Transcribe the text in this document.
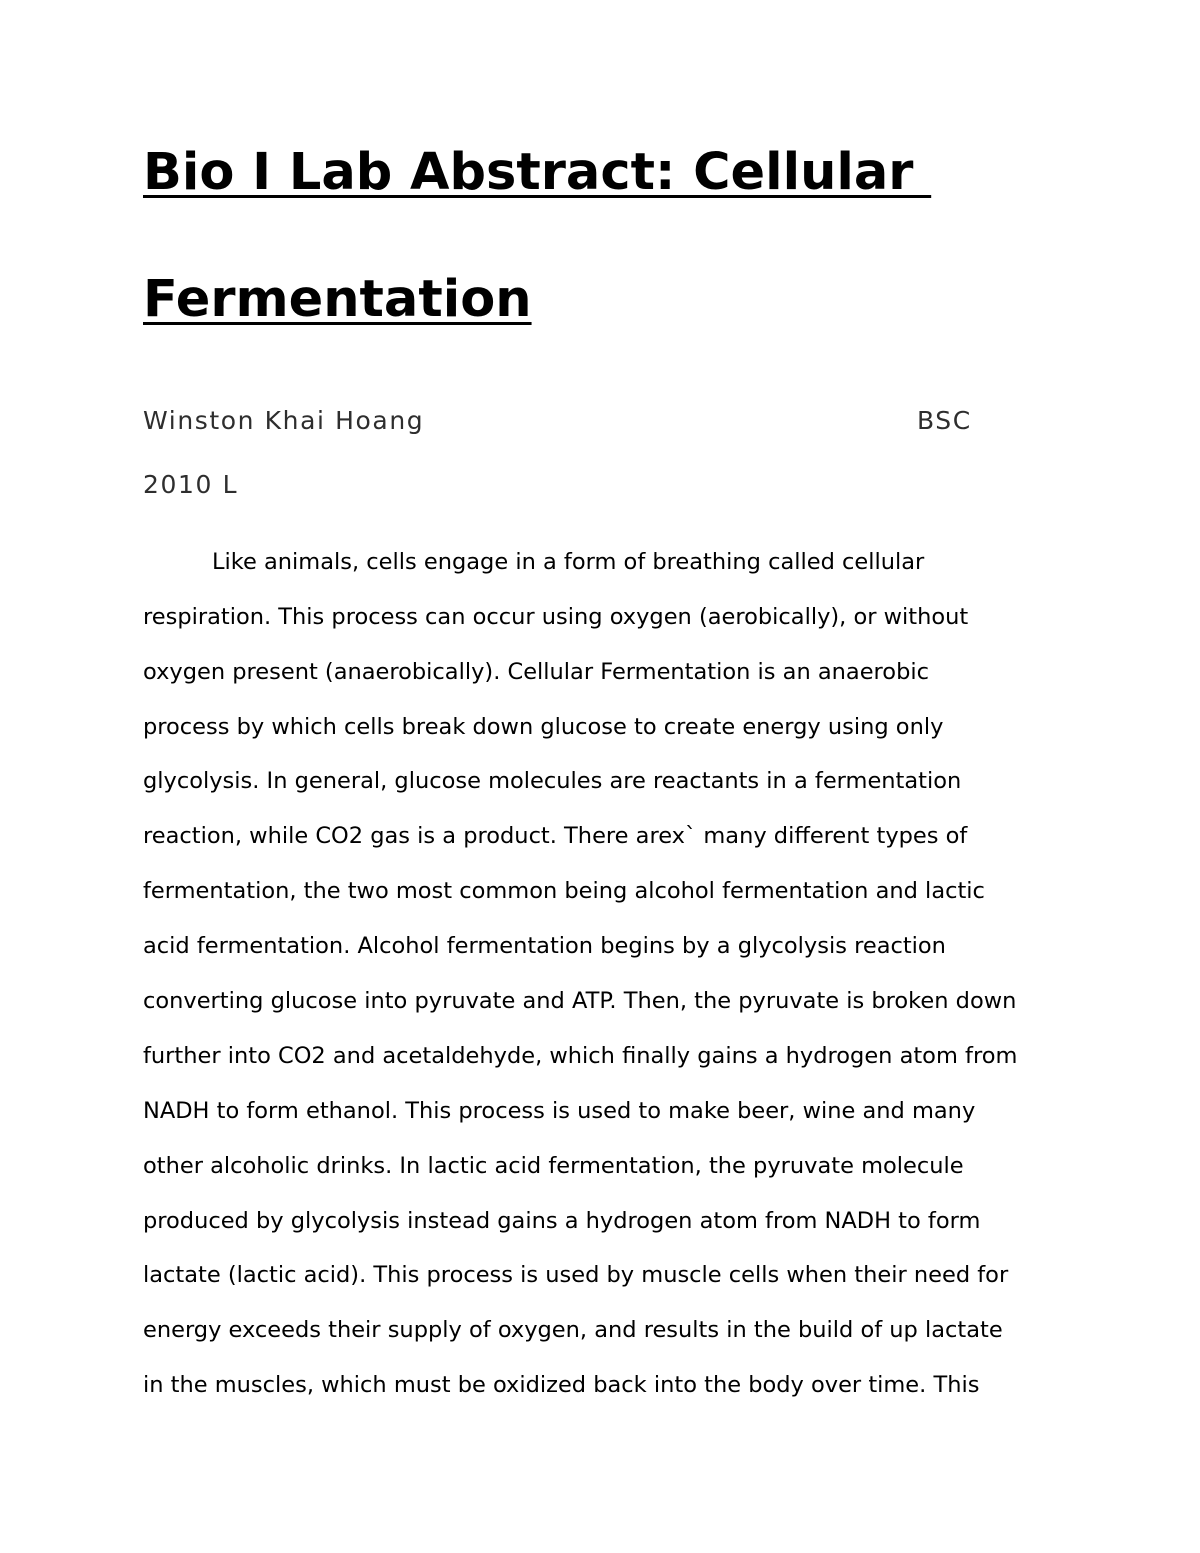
Bio I Lab Abstract: Cellular
Fermentation
Winston Khai Hoang	BSC
2010 L
Like animals, cells engage in a form of breathing called cellular
respiration. This process can occur using oxygen (aerobically), or without
oxygen present (anaerobically). Cellular Fermentation is an anaerobic
process by which cells break down glucose to create energy using only
glycolysis. In general, glucose molecules are reactants in a fermentation
reaction, while CO2 gas is a product. There arex` many different types of
fermentation, the two most common being alcohol fermentation and lactic
acid fermentation. Alcohol fermentation begins by a glycolysis reaction
converting glucose into pyruvate and ATP. Then, the pyruvate is broken down
further into CO2 and acetaldehyde, which finally gains a hydrogen atom from
NADH to form ethanol. This process is used to make beer, wine and many
other alcoholic drinks. In lactic acid fermentation, the pyruvate molecule
produced by glycolysis instead gains a hydrogen atom from NADH to form
lactate (lactic acid). This process is used by muscle cells when their need for
energy exceeds their supply of oxygen, and results in the build of up lactate
in the muscles, which must be oxidized back into the body over time. This
